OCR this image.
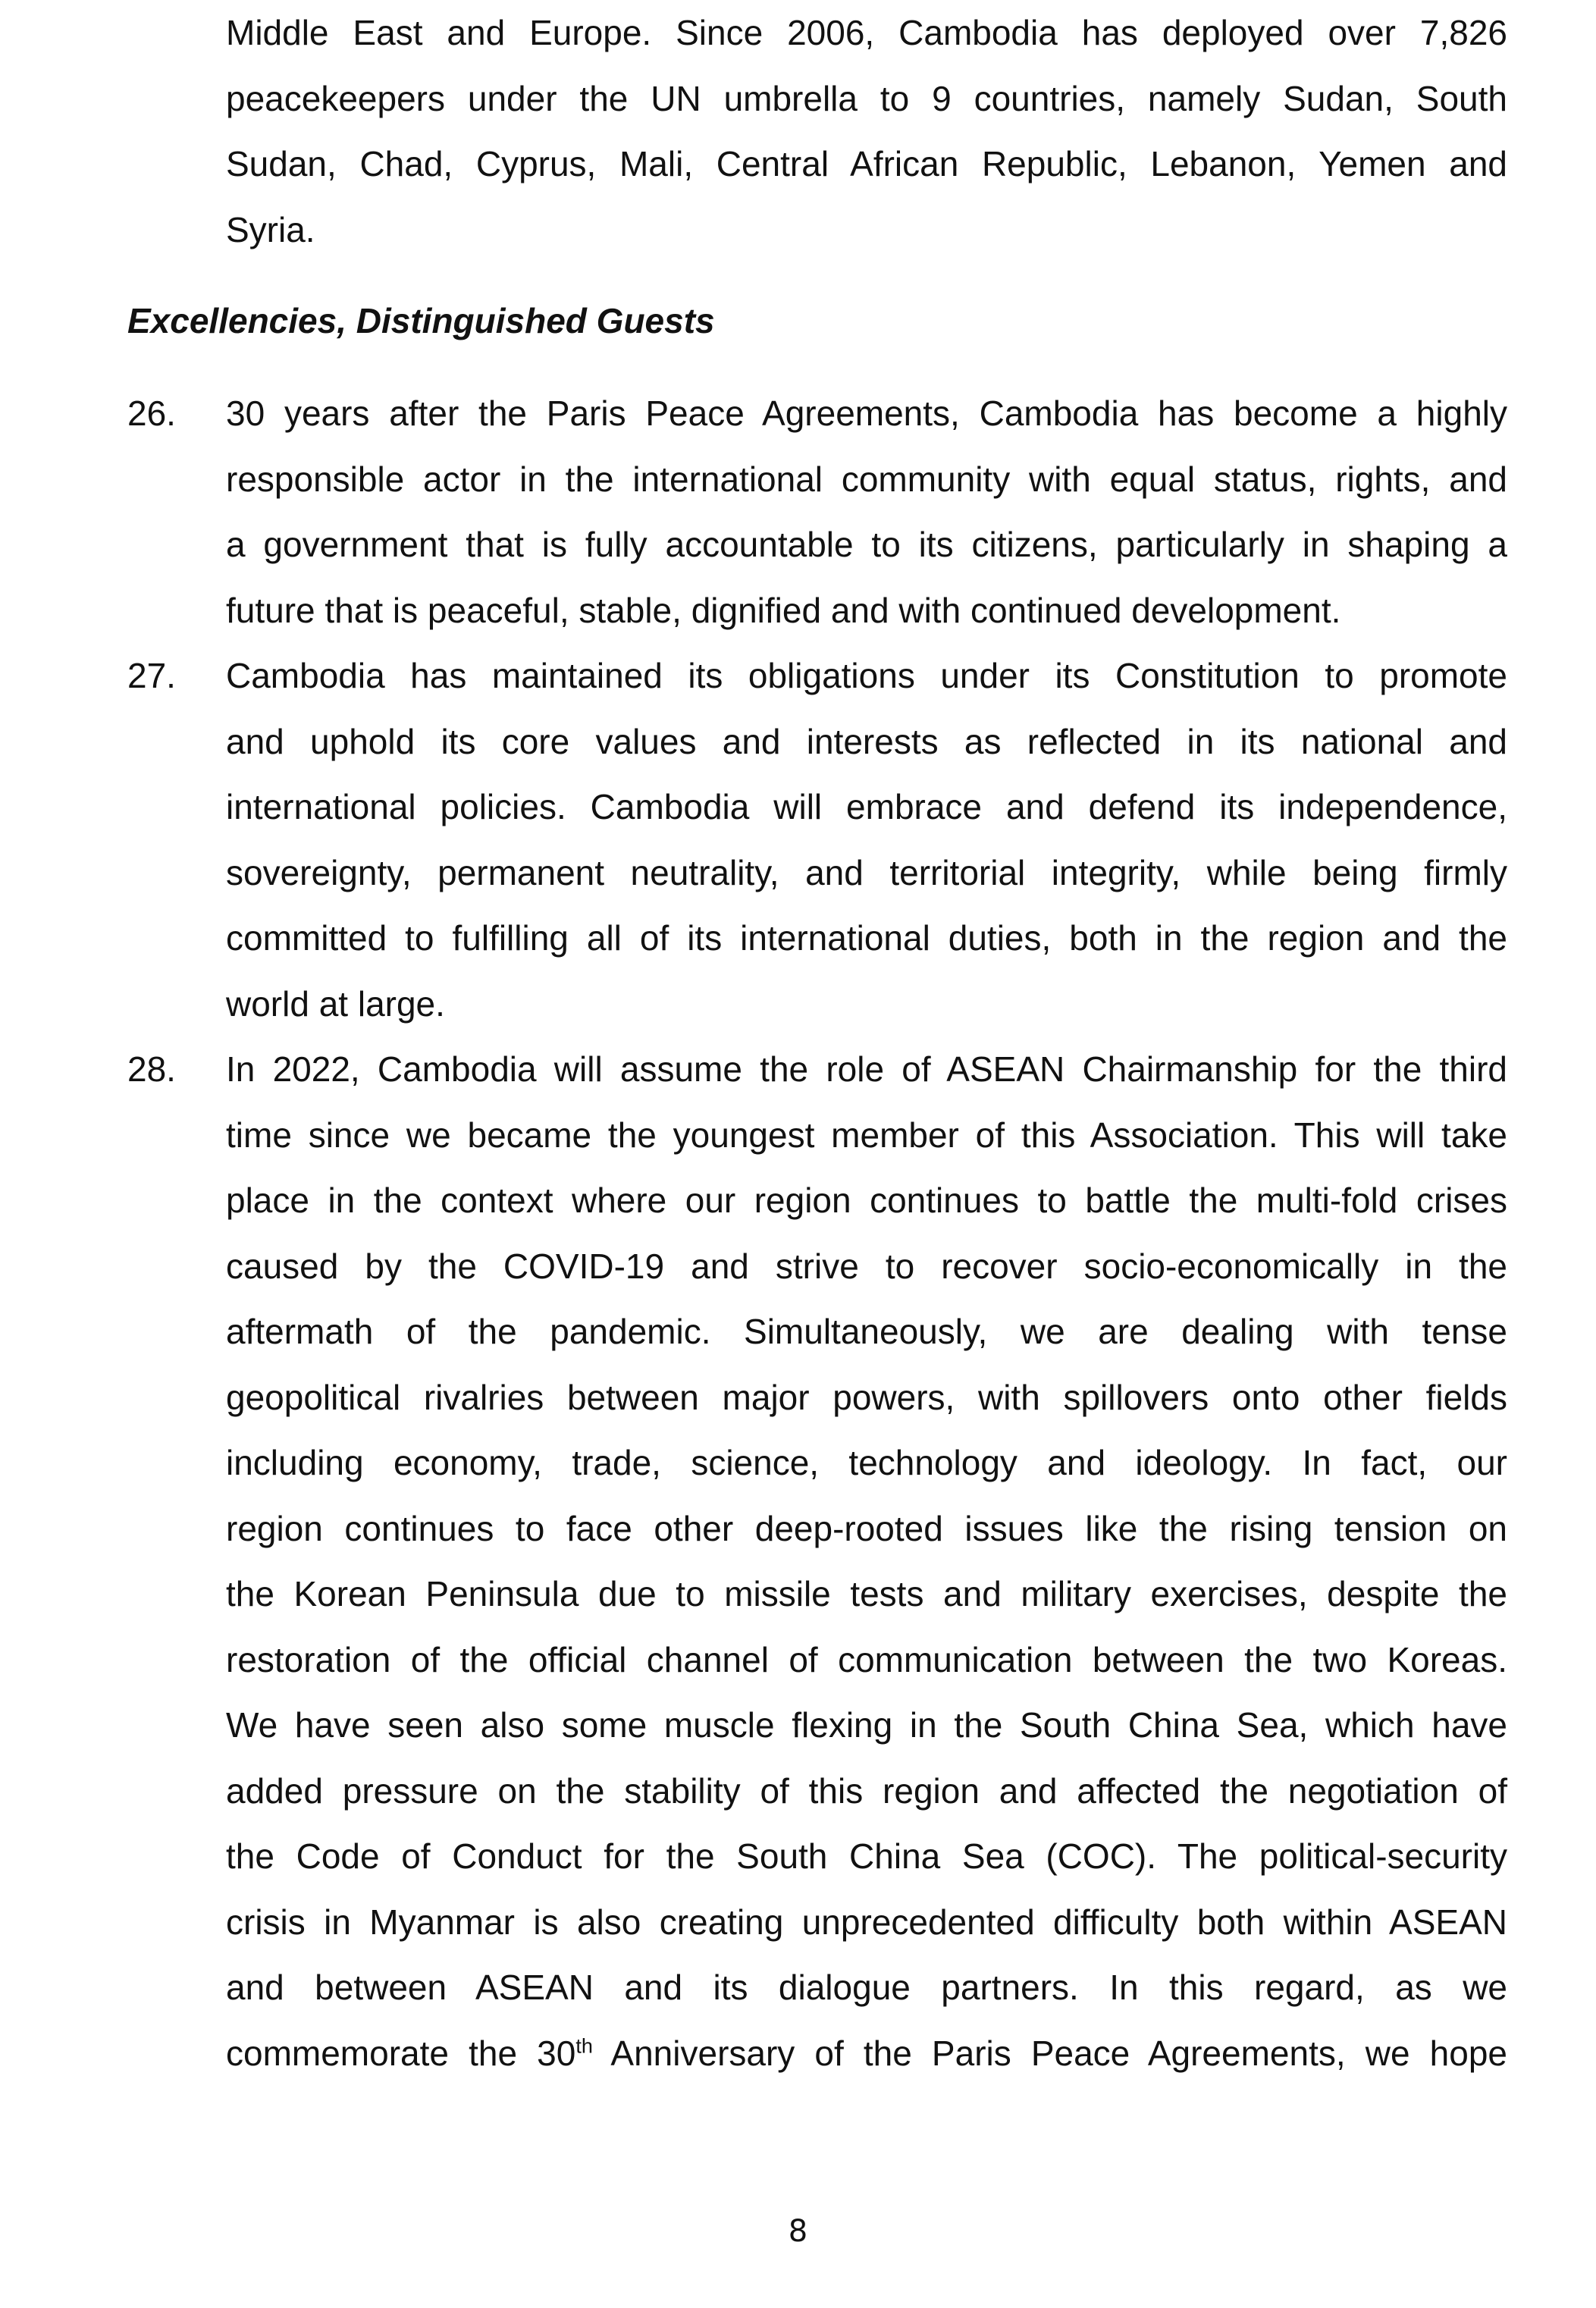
Middle East and Europe. Since 2006, Cambodia has deployed over 7,826
peacekeepers under the UN umbrella to 9 countries, namely Sudan, South
Sudan, Chad, Cyprus, Mali, Central African Republic, Lebanon, Yemen and
Syria.
Excellencies, Distinguished Guests
26. 30 years after the Paris Peace Agreements, Cambodia has become a highly
responsible actor in the international community with equal status, rights, and
a government that is fully accountable to its citizens, particularly in shaping a
future that is peaceful, stable, dignified and with continued development.
27. Cambodia has maintained its obligations under its Constitution to promote
and uphold its core values and interests as reflected in its national and
international policies. Cambodia will embrace and defend its independence,
sovereignty, permanent neutrality, and territorial integrity, while being firmly
committed to fulfilling all of its international duties, both in the region and the
world at large.
28. In 2022, Cambodia will assume the role of ASEAN Chairmanship for the third
time since we became the youngest member of this Association. This will take
place in the context where our region continues to battle the multi-fold crises
caused by the COVID-19 and strive to recover socio-economically in the
aftermath of the pandemic. Simultaneously, we are dealing with tense
geopolitical rivalries between major powers, with spillovers onto other fields
including economy, trade, science, technology and ideology. In fact, our
region continues to face other deep-rooted issues like the rising tension on
the Korean Peninsula due to missile tests and military exercises, despite the
restoration of the official channel of communication between the two Koreas.
We have seen also some muscle flexing in the South China Sea, which have
added pressure on the stability of this region and affected the negotiation of
the Code of Conduct for the South China Sea (COC). The political-security
crisis in Myanmar is also creating unprecedented difficulty both within ASEAN
and between ASEAN and its dialogue partners. In this regard, as we
commemorate the 30th Anniversary of the Paris Peace Agreements, we hope
8
